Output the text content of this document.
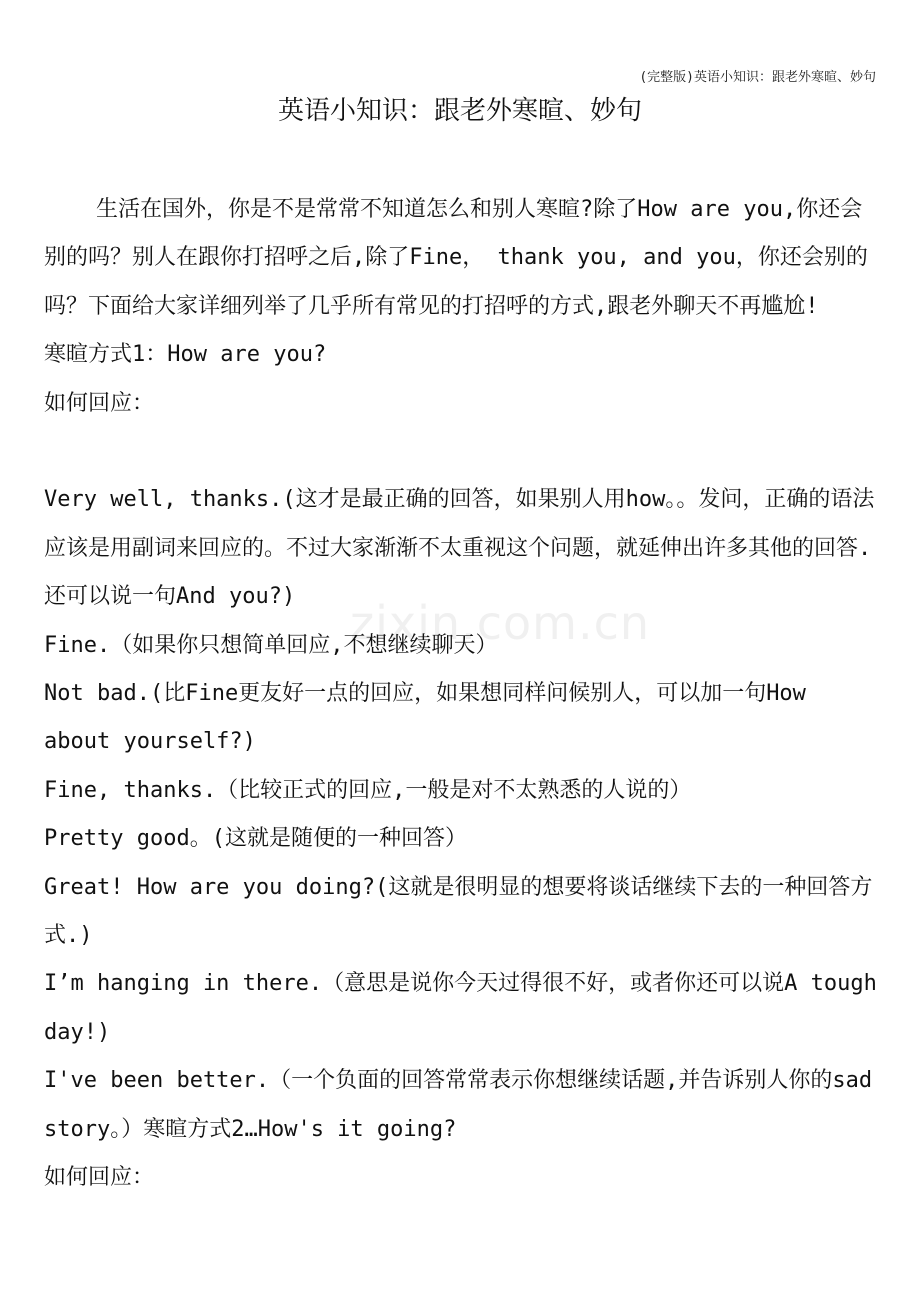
(完整版)英语小知识：跟老外寒暄、妙句
英语小知识：跟老外寒暄、妙句
zixin.com.cn

生活在国外，你是不是常常不知道怎么和别人寒暄?除了How are you,你还会别的吗？别人在跟你打招呼之后,除了Fine， thank you, and you，你还会别的吗？下面给大家详细列举了几乎所有常见的打招呼的方式,跟老外聊天不再尴尬!

寒暄方式1：How are you?

如何回应：

Very well, thanks.(这才是最正确的回答，如果别人用how。。发问，正确的语法应该是用副词来回应的。不过大家渐渐不太重视这个问题，就延伸出许多其他的回答.还可以说一句And you?)

Fine.（如果你只想简单回应,不想继续聊天）

Not bad.(比Fine更友好一点的回应，如果想同样问候别人，可以加一句How about yourself?)

Fine, thanks.（比较正式的回应,一般是对不太熟悉的人说的）

Pretty good。(这就是随便的一种回答）

Great! How are you doing?(这就是很明显的想要将谈话继续下去的一种回答方式.)

I’m hanging in there.（意思是说你今天过得很不好，或者你还可以说A tough day!)

I've been better.（一个负面的回答常常表示你想继续话题,并告诉别人你的sad story。）寒暄方式2…How's it going?

如何回应：
